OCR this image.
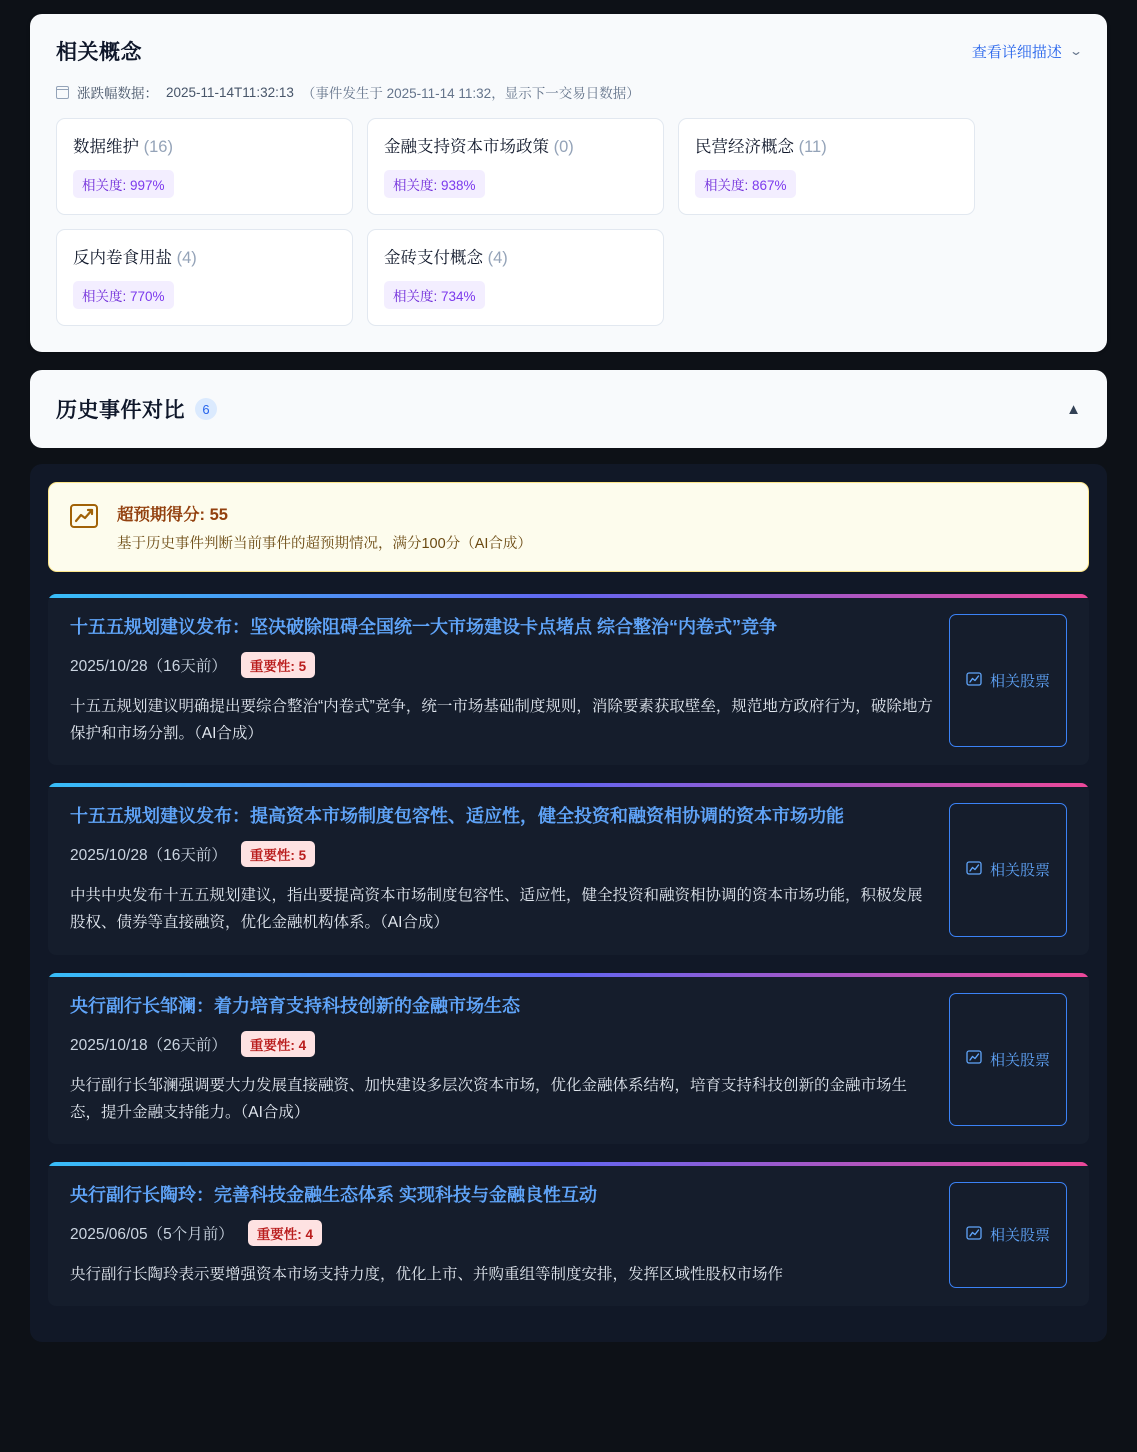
相关概念	查看详细描述 ⌄
涨跌幅数据： 2025-11-14T11:32:13 （事件发生于 2025-11-14 11:32，显示下一交易日数据）
数据维护 (16)
相关度: 997%
金融支持资本市场政策 (0)
相关度: 938%
民营经济概念 (11)
相关度: 867%
反内卷食用盐 (4)
相关度: 770%
金砖支付概念 (4)
相关度: 734%
历史事件对比	6	▲
超预期得分: 55
基于历史事件判断当前事件的超预期情况，满分100分（AI合成）
十五五规划建议发布：坚决破除阻碍全国统一大市场建设卡点堵点 综合整治“内卷式”竞争
2025/10/28（16天前）	重要性: 5
十五五规划建议明确提出要综合整治“内卷式”竞争，统一市场基础制度规则，消除要素获取壁垒，规范地方政府行为，破除地方保护和市场分割。（AI合成）
相关股票
十五五规划建议发布：提高资本市场制度包容性、适应性，健全投资和融资相协调的资本市场功能
2025/10/28（16天前）	重要性: 5
中共中央发布十五五规划建议，指出要提高资本市场制度包容性、适应性，健全投资和融资相协调的资本市场功能，积极发展股权、债券等直接融资，优化金融机构体系。（AI合成）
相关股票
央行副行长邹澜：着力培育支持科技创新的金融市场生态
2025/10/18（26天前）	重要性: 4
央行副行长邹澜强调要大力发展直接融资、加快建设多层次资本市场，优化金融体系结构，培育支持科技创新的金融市场生态，提升金融支持能力。（AI合成）
相关股票
央行副行长陶玲：完善科技金融生态体系 实现科技与金融良性互动
2025/06/05（5个月前）	重要性: 4
央行副行长陶玲表示要增强资本市场支持力度，优化上市、并购重组等制度安排，发挥区域性股权市场作
相关股票
